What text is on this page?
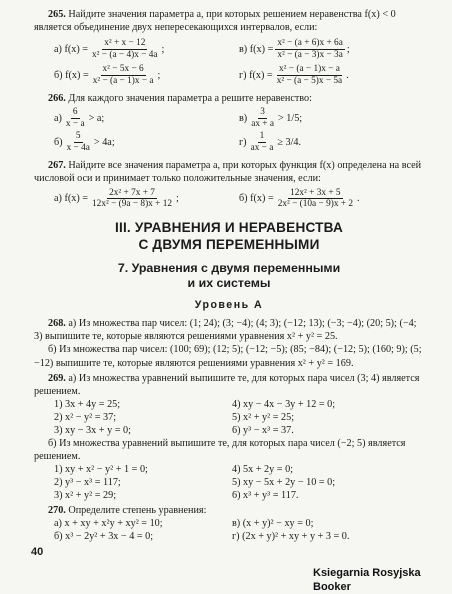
265. Найдите значения параметра a, при которых решением неравенства f(x) < 0 является объединение двух непересекающихся интервалов, если:

а) $f(x) = \frac{\text{x² + x − 12}}{\text{x² − (a − 4)x − 4a}}$ ;	в) $f(x) = \frac{\text{x² − (a + 6)x + 6a}}{\text{x² − (a − 3)x − 3a}}$ ;
б) $f(x) = \frac{\text{x² − 5x − 6}}{\text{x² − (a − 1)x − a}}$ ;	г) $f(x) = \frac{\text{x² − (a − 1)x − a}}{\text{x² − (a − 5)x − 5a}}$ .

266. Для каждого значения параметра a решите неравенство:

$а) \frac{6}{x - a} > a$;	$в) \frac{3}{ax + a} > 1/5$;
$б) \frac{5}{x - 4a} > 4a$;	$г) \frac{1}{ax - a} \ge 3/4$.

267. Найдите все значения параметра a, при которых функция f(x) определена на всей числовой оси и принимает только положительные значения, если:

а) $f(x) = \frac{\text{2x² + 7x + 7}}{\text{12x² − (9a − 8)x + 12}}$ ;	б) $f(x) = \frac{\text{12x² + 3x + 5}}{\text{2x² − (10a − 9)x + 2}}$ .

III. УРАВНЕНИЯ И НЕРАВЕНСТВА

С ДВУМЯ ПЕРЕМЕННЫМИ

7. Уравнения с двумя переменными

и их системы

Уровень А

268. а) Из множества пар чисел: (1; 24); (3; −4); (4; 3); (−12; 13); (−3; −4); (20; 5); (−4; 3) выпишите те, которые являются решениями уравнения x² + y² = 25.

б) Из множества пар чисел: (100; 69); (12; 5); (−12; −5); (85; −84); (−12; 5); (160; 9); (5; −12) выпишите те, которые являются решениями уравнения x² + y² = 169.

269. а) Из множества уравнений выпишите те, для которых пара чисел (3; 4) является решением.

1) 3x + 4y = 25;	4) xy − 4x − 3y + 12 = 0;
2) x² − y² = 37;	5) x² + y² = 25;
3) xy − 3x + y = 0;	6) y³ − x³ = 37.

б) Из множества уравнений выпишите те, для которых пара чисел (−2; 5) является решением.

1) xy + x² − y² + 1 = 0;	4) 5x + 2y = 0;
2) y³ − x³ = 117;	5) xy − 5x + 2y − 10 = 0;
3) x² + y² = 29;	6) x³ + y³ = 117.

270. Определите степень уравнения:

а) x + xy + x²y + xy² = 10;	в) (x + y)² − xy = 0;
б) x³ − 2y² + 3x − 4 = 0;	г) (2x + y)² + xy + y + 3 = 0.
40
Ksiegarnia Rosyjska Booker
